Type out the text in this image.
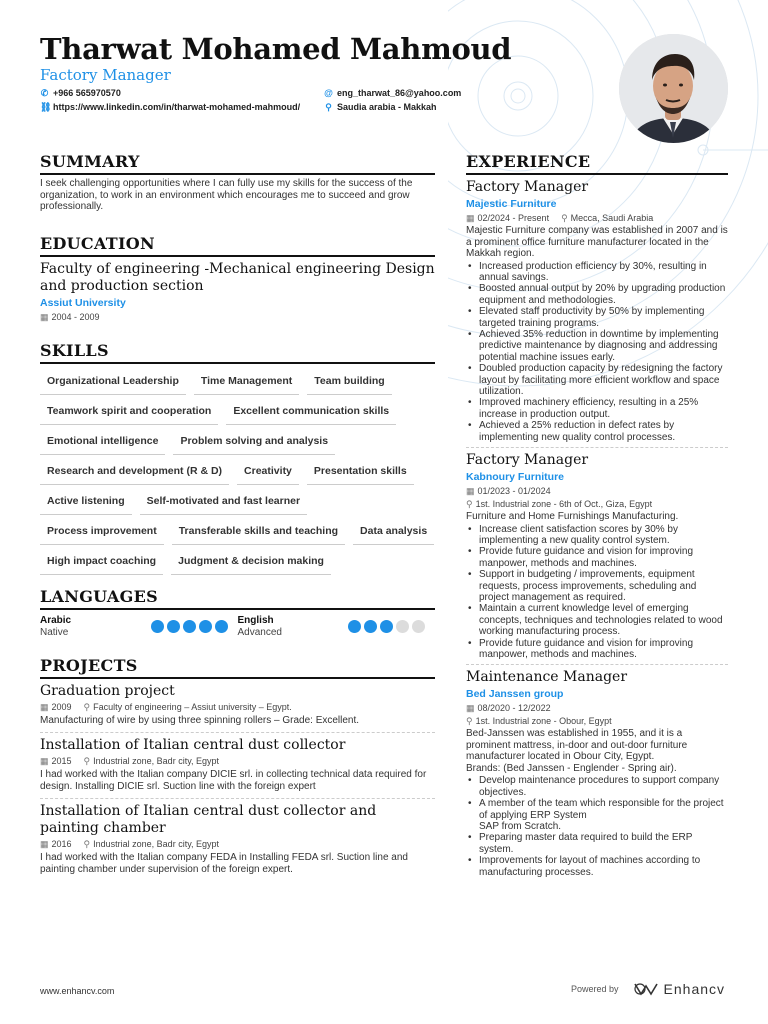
Tharwat Mohamed Mahmoud
Factory Manager
✆ +966 565970570	@ eng_tharwat_86@yahoo.com
⛓ https://www.linkedin.com/in/tharwat-mohamed-mahmoud/	⚲ Saudia arabia - Makkah
SUMMARY
I seek challenging opportunities where I can fully use my skills for the success of the organization, to work in an environment which encourages me to succeed and grow professionally.
EDUCATION
Faculty of engineering -Mechanical engineering Design and production section
Assiut University
▦ 2004 - 2009
SKILLS
Organizational Leadership	Time Management	Team building
Teamwork spirit and cooperation	Excellent communication skills
Emotional intelligence	Problem solving and analysis
Research and development (R & D)	Creativity	Presentation skills
Active listening	Self-motivated and fast learner
Process improvement	Transferable skills and teaching	Data analysis
High impact coaching	Judgment & decision making
LANGUAGES
Arabic
Native
English
Advanced
PROJECTS
Graduation project
▦ 2009 ⚲ Faculty of engineering – Assiut university – Egypt.
Manufacturing of wire by using three spinning rollers – Grade: Excellent.
Installation of Italian central dust collector
▦ 2015 ⚲ Industrial zone, Badr city, Egypt
I had worked with the Italian company DICIE srl. in collecting technical data required for design. Installing DICIE srl. Suction line with the foreign expert
Installation of Italian central dust collector and painting chamber
▦ 2016 ⚲ Industrial zone, Badr city, Egypt
I had worked with the Italian company FEDA in Installing FEDA srl. Suction line and painting chamber under supervision of the foreign expert.
EXPERIENCE
Factory Manager
Majestic Furniture
▦ 02/2024 - Present ⚲ Mecca, Saudi Arabia
Majestic Furniture company was established in 2007 and is a prominent office furniture manufacturer located in the Makkah region.
• Increased production efficiency by 30%, resulting in annual savings.
• Boosted annual output by 20% by upgrading production equipment and methodologies.
• Elevated staff productivity by 50% by implementing targeted training programs.
• Achieved 35% reduction in downtime by implementing predictive maintenance by diagnosing and addressing potential machine issues early.
• Doubled production capacity by redesigning the factory layout by facilitating more efficient workflow and space utilization.
• Improved machinery efficiency, resulting in a 25% increase in production output.
• Achieved a 25% reduction in defect rates by implementing new quality control processes.
Factory Manager
Kabnoury Furniture
▦ 01/2023 - 01/2024
⚲ 1st. Industrial zone - 6th of Oct., Giza, Egypt
Furniture and Home Furnishings Manufacturing.
• Increase client satisfaction scores by 30% by implementing a new quality control system.
• Provide future guidance and vision for improving manpower, methods and machines.
• Support in budgeting / improvements, equipment requests, process improvements, scheduling and project management as required.
• Maintain a current knowledge level of emerging concepts, techniques and technologies related to wood working manufacturing process.
• Provide future guidance and vision for improving manpower, methods and machines.
Maintenance Manager
Bed Janssen group
▦ 08/2020 - 12/2022
⚲ 1st. Industrial zone - Obour, Egypt
Bed-Janssen was established in 1955, and it is a prominent mattress, in-door and out-door furniture manufacturer located in Obour City, Egypt.
Brands: (Bed Janssen - Englender - Spring air).
• Develop maintenance procedures to support company objectives.
• A member of the team which responsible for the project of applying ERP System
SAP from Scratch.
• Preparing master data required to build the ERP system.
• Improvements for layout of machines according to manufacturing processes.
www.enhancv.com	Powered by	Enhancv
